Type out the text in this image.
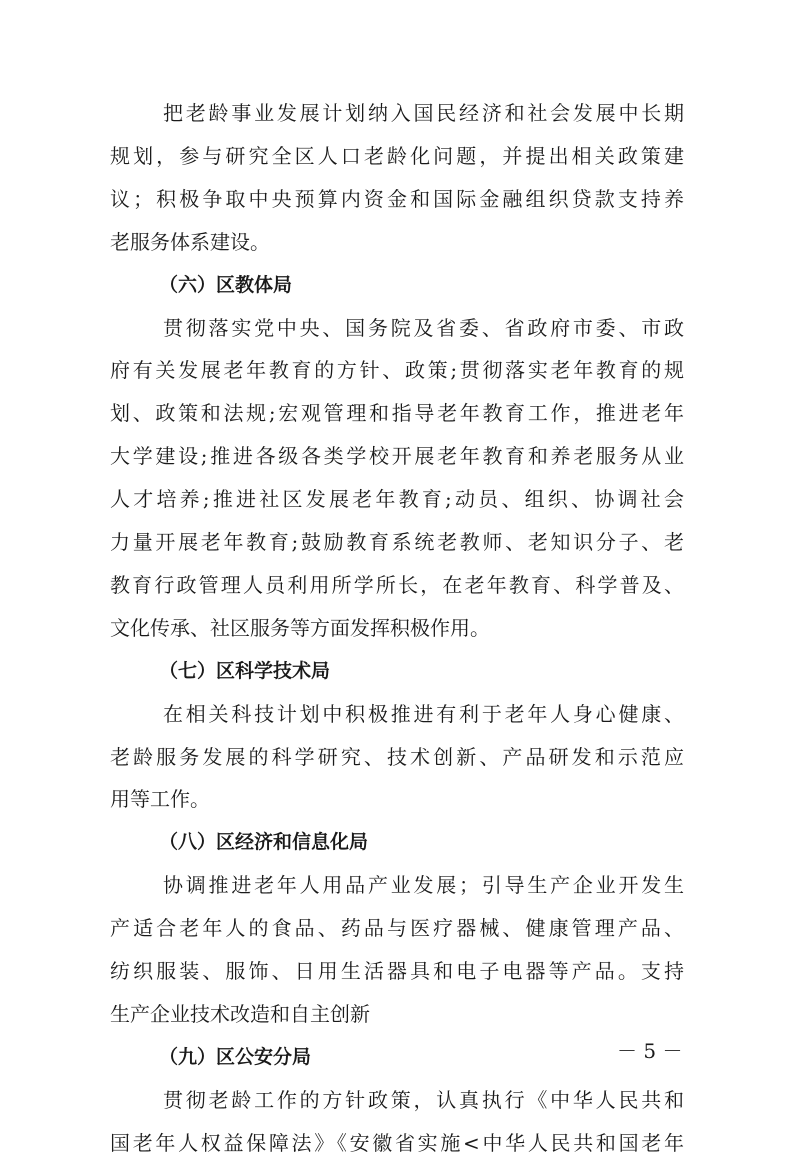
把老龄事业发展计划纳入国民经济和社会发展中长期
规划，参与研究全区人口老龄化问题，并提出相关政策建
议；积极争取中央预算内资金和国际金融组织贷款支持养
老服务体系建设。
（六）区教体局
贯彻落实党中央、国务院及省委、省政府市委、市政
府有关发展老年教育的方针、政策;贯彻落实老年教育的规
划、政策和法规;宏观管理和指导老年教育工作，推进老年
大学建设;推进各级各类学校开展老年教育和养老服务从业
人才培养;推进社区发展老年教育;动员、组织、协调社会
力量开展老年教育;鼓励教育系统老教师、老知识分子、老
教育行政管理人员利用所学所长，在老年教育、科学普及、
文化传承、社区服务等方面发挥积极作用。
（七）区科学技术局
在相关科技计划中积极推进有利于老年人身心健康、
老龄服务发展的科学研究、技术创新、产品研发和示范应
用等工作。
（八）区经济和信息化局
协调推进老年人用品产业发展；引导生产企业开发生
产适合老年人的食品、药品与医疗器械、健康管理产品、
纺织服装、服饰、日用生活器具和电子电器等产品。支持
生产企业技术改造和自主创新
（九）区公安分局
贯彻老龄工作的方针政策，认真执行《中华人民共和
国老年人权益保障法》《安徽省实施<中华人民共和国老年
－ 5 －
